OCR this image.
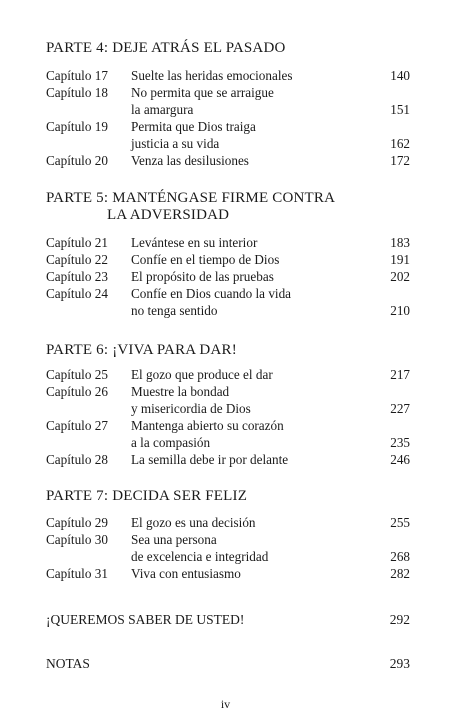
PARTE 4: DEJE ATRÁS EL PASADO
Capítulo 17 Suelte las heridas emocionales	140
Capítulo 18 No permita que se arraigue
la amargura	151
Capítulo 19 Permita que Dios traiga
justicia a su vida	162
Capítulo 20 Venza las desilusiones	172
PARTE 5: MANTÉNGASE FIRME CONTRA
LA ADVERSIDAD
Capítulo 21 Levántese en su interior	183
Capítulo 22 Confíe en el tiempo de Dios	191
Capítulo 23 El propósito de las pruebas	202
Capítulo 24 Confíe en Dios cuando la vida
no tenga sentido	210
PARTE 6: ¡VIVA PARA DAR!
Capítulo 25 El gozo que produce el dar	217
Capítulo 26 Muestre la bondad
y misericordia de Dios	227
Capítulo 27 Mantenga abierto su corazón
a la compasión	235
Capítulo 28 La semilla debe ir por delante	246
PARTE 7: DECIDA SER FELIZ
Capítulo 29 El gozo es una decisión	255
Capítulo 30 Sea una persona
de excelencia e integridad	268
Capítulo 31 Viva con entusiasmo	282
¡QUEREMOS SABER DE USTED!	292
NOTAS	293
iv
